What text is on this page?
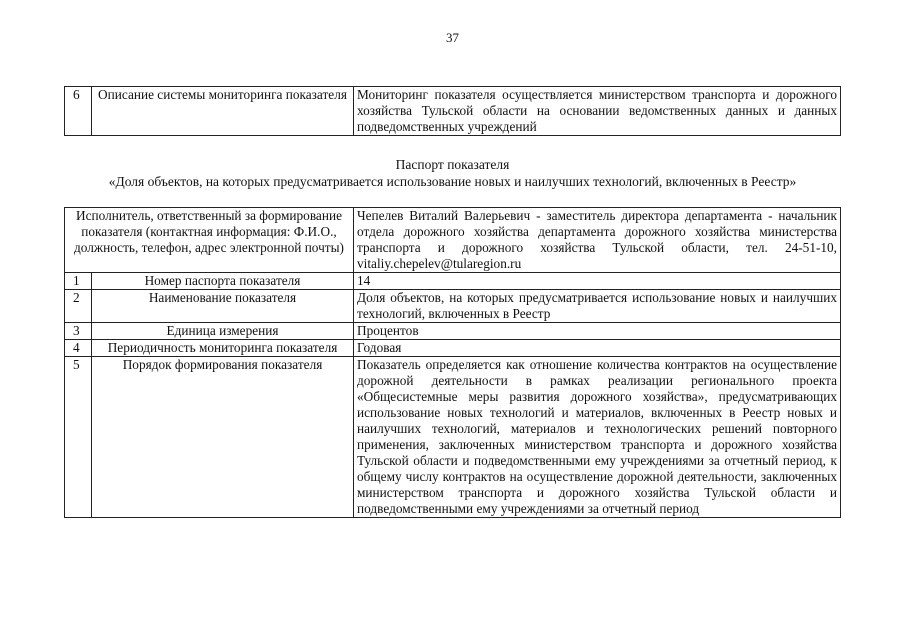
37
6	Описание системы мониторинга показателя	Мониторинг показателя осуществляется министерством транспорта и дорожного хозяйства Тульской области на основании ведомственных данных и данных подведомственных учреждений
Паспорт показателя
«Доля объектов, на которых предусматривается использование новых и наилучших технологий, включенных в Реестр»
Исполнитель, ответственный за формирование показателя (контактная информация: Ф.И.О., должность, телефон, адрес электронной почты)		Чепелев Виталий Валерьевич - заместитель директора департамента - начальник отдела дорожного хозяйства департамента дорожного хозяйства министерства транспорта и дорожного хозяйства Тульской области, тел. 24-51-10, vitaliy.chepelev@tularegion.ru
1	Номер паспорта показателя	14
2	Наименование показателя	Доля объектов, на которых предусматривается использование новых и наилучших технологий, включенных в Реестр
3	Единица измерения	Процентов
4	Периодичность мониторинга показателя	Годовая
5	Порядок формирования показателя	Показатель определяется как отношение количества контрактов на осуществление дорожной деятельности в рамках реализации регионального проекта «Общесистемные меры развития дорожного хозяйства», предусматривающих использование новых технологий и материалов, включенных в Реестр новых и наилучших технологий, материалов и технологических решений повторного применения, заключенных министерством транспорта и дорожного хозяйства Тульской области и подведомственными ему учреждениями за отчетный период, к общему числу контрактов на осуществление дорожной деятельности, заключенных министерством транспорта и дорожного хозяйства Тульской области и подведомственными ему учреждениями за отчетный период
